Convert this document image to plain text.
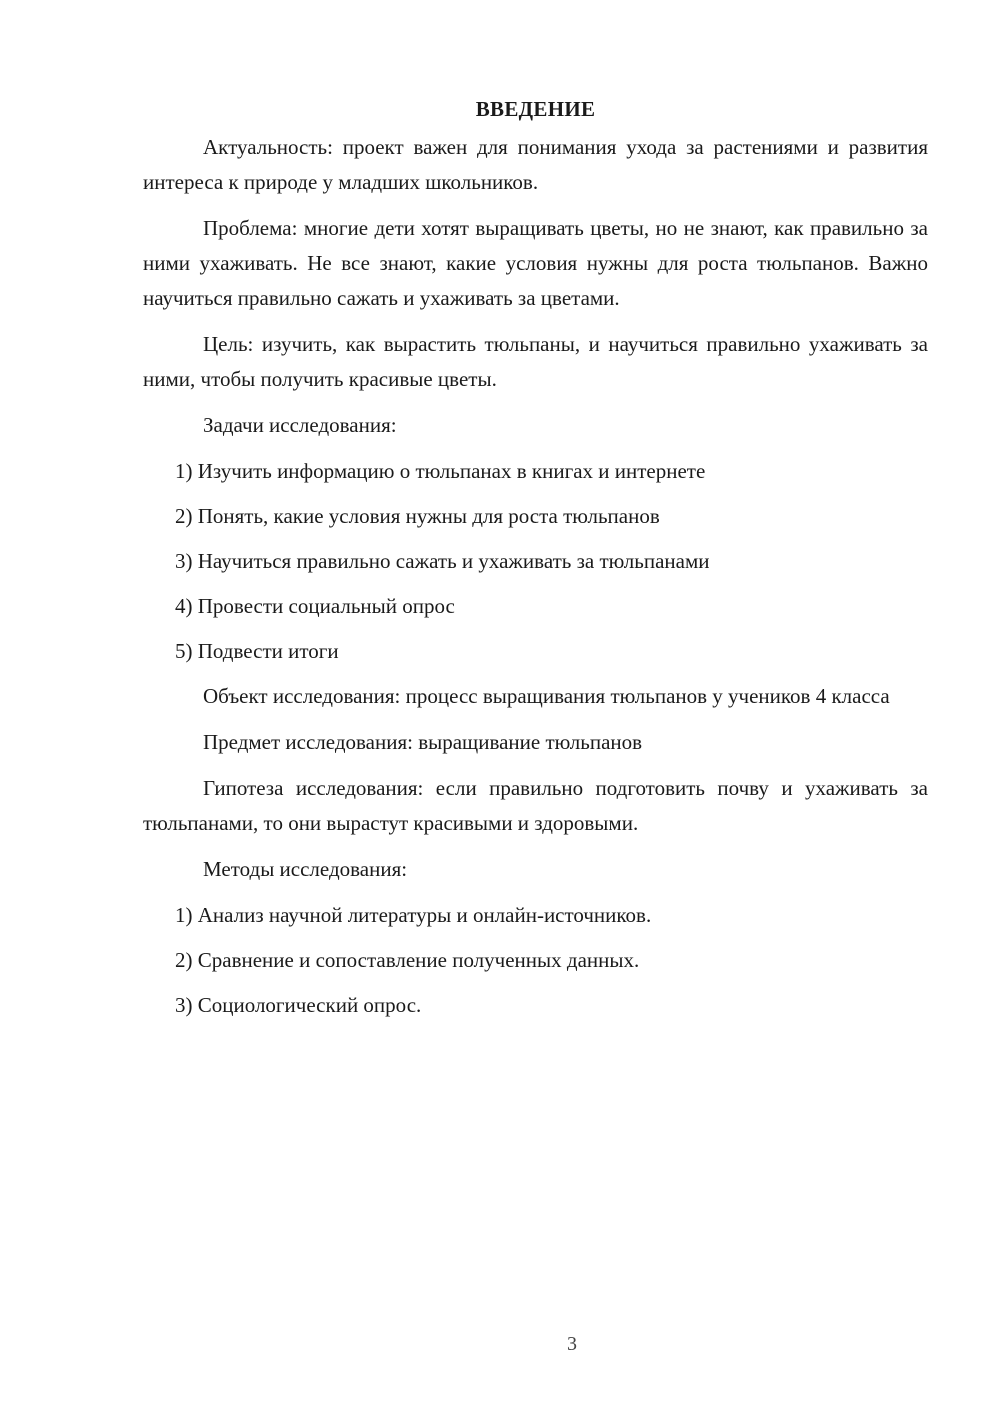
ВВЕДЕНИЕ

Актуальность: проект важен для понимания ухода за растениями и развития интереса к природе у младших школьников.

Проблема: многие дети хотят выращивать цветы, но не знают, как правильно за ними ухаживать. Не все знают, какие условия нужны для роста тюльпанов. Важно научиться правильно сажать и ухаживать за цветами.

Цель: изучить, как вырастить тюльпаны, и научиться правильно ухаживать за ними, чтобы получить красивые цветы.

Задачи исследования:

1) Изучить информацию о тюльпанах в книгах и интернете
2) Понять, какие условия нужны для роста тюльпанов
3) Научиться правильно сажать и ухаживать за тюльпанами
4) Провести социальный опрос
5) Подвести итоги

Объект исследования: процесс выращивания тюльпанов у учеников 4 класса

Предмет исследования: выращивание тюльпанов

Гипотеза исследования: если правильно подготовить почву и ухаживать за тюльпанами, то они вырастут красивыми и здоровыми.

Методы исследования:

1) Анализ научной литературы и онлайн-источников.
2) Сравнение и сопоставление полученных данных.
3) Социологический опрос.
3
